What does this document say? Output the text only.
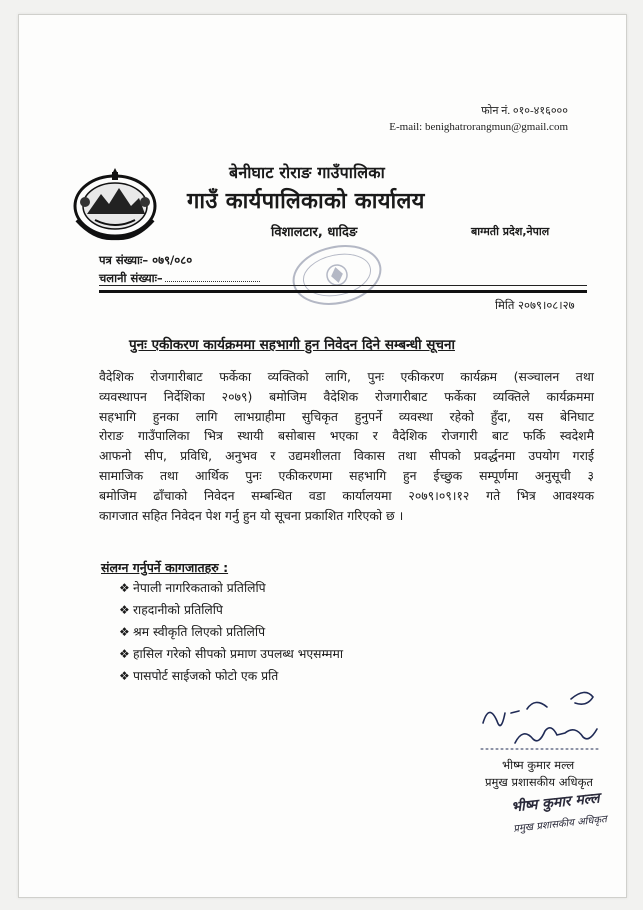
फोन नं. ०१०-४१६०००
E-mail: benighatrorangmun@gmail.com
बेनीघाट रोराङ गाउँपालिका
गाउँ कार्यपालिकाको कार्यालय
विशालटार, धादिङ	बाग्मती प्रदेश,नेपाल
पत्र संख्याः– ०७९/०८०
चलानी संख्याः–
मिति २०७९।०८।२७
पुनः एकीकरण कार्यक्रममा सहभागी हुन निवेदन दिने सम्बन्धी सूचना
वैदेशिक रोजगारीबाट फर्केका व्यक्तिको लागि, पुनः एकीकरण कार्यक्रम (सञ्चालन तथा
व्यवस्थापन निर्देशिका २०७९) बमोजिम वैदेशिक रोजगारीबाट फर्केका व्यक्तिले कार्यक्रममा
सहभागि हुनका लागि लाभग्राहीमा सुचिकृत हुनुपर्ने व्यवस्था रहेको हुँदा, यस बेनिघाट
रोराङ गाउँपालिका भित्र स्थायी बसोबास भएका र वैदेशिक रोजगारी बाट फर्कि स्वदेशमै
आफनो सीप, प्रविधि, अनुभव र उद्यमशीलता विकास तथा सीपको प्रवर्द्धनमा उपयोग गराई
सामाजिक तथा आर्थिक पुनः एकीकरणमा सहभागि हुन ईच्छुक सम्पूर्णमा अनुसूची ३
बमोजिम ढाँचाको निवेदन सम्बन्धित वडा कार्यालयमा २०७९।०९।१२ गते भित्र आवश्यक
कागजात सहित निवेदन पेश गर्नु हुन यो सूचना प्रकाशित गरिएको छ ।
संलग्न गर्नुपर्ने कागजातहरु :
❖ नेपाली नागरिकताको प्रतिलिपि
❖ राहदानीको प्रतिलिपि
❖ श्रम स्वीकृति लिएको प्रतिलिपि
❖ हासिल गरेको सीपको प्रमाण उपलब्ध भएसम्ममा
❖ पासपोर्ट साईजको फोटो एक प्रति
भीष्म कुमार मल्ल
प्रमुख प्रशासकीय अधिकृत
भीष्म कुमार मल्ल
प्रमुख प्रशासकीय अधिकृत
